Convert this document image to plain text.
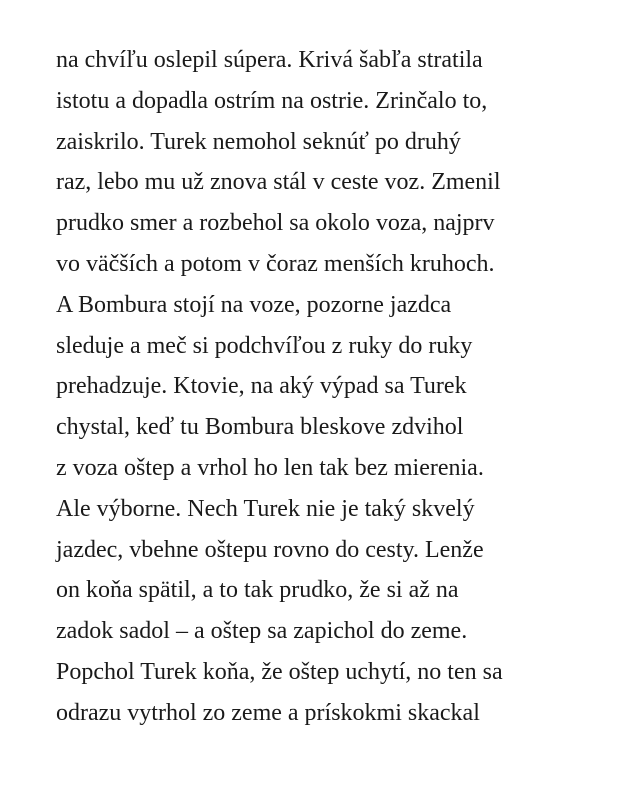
na chvíľu oslepil súpera. Krivá šabľa stratila
istotu a dopadla ostrím na ostrie. Zrinčalo to,
zaiskrilo. Turek nemohol seknúť po druhý
raz, lebo mu už znova stál v ceste voz. Zmenil
prudko smer a rozbehol sa okolo voza, najprv
vo väčších a potom v čoraz menších kruhoch.
A Bombura stojí na voze, pozorne jazdca
sleduje a meč si podchvíľou z ruky do ruky
prehadzuje. Ktovie, na aký výpad sa Turek
chystal, keď tu Bombura bleskove zdvihol
z voza oštep a vrhol ho len tak bez mierenia.
Ale výborne. Nech Turek nie je taký skvelý
jazdec, vbehne oštepu rovno do cesty. Lenže
on koňa spätil, a to tak prudko, že si až na
zadok sadol – a oštep sa zapichol do zeme.
Popchol Turek koňa, že oštep uchytí, no ten sa
odrazu vytrhol zo zeme a prískokmi skackal
